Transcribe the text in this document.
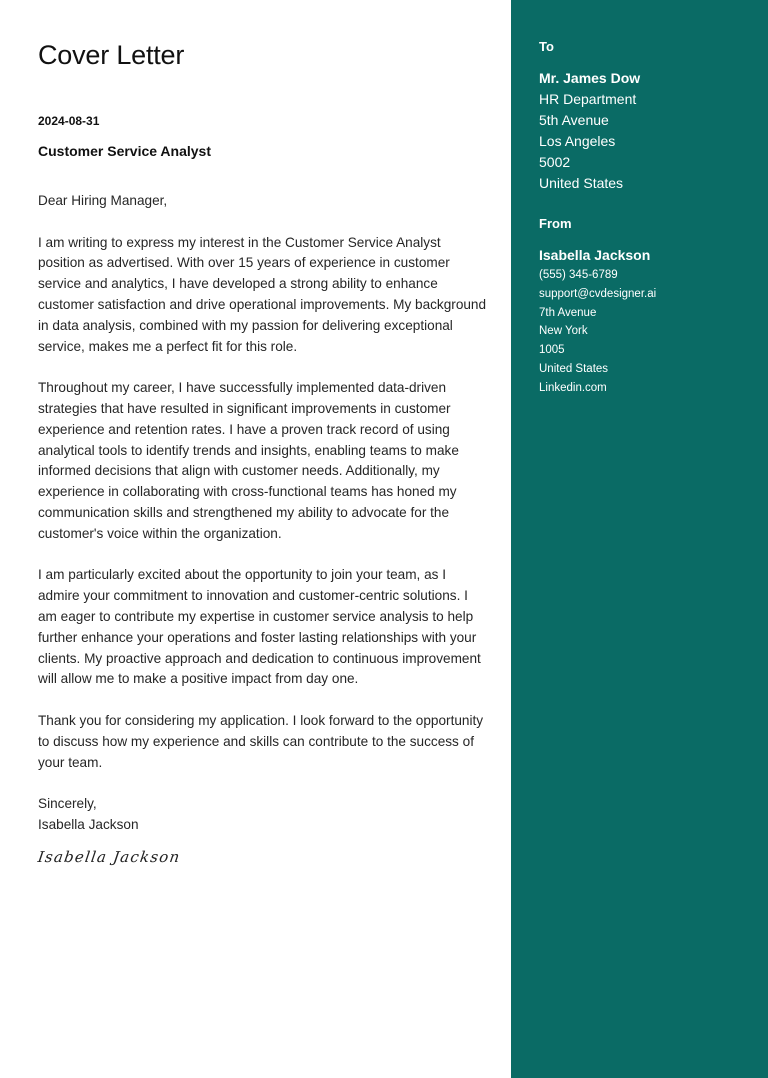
Cover Letter
2024-08-31
Customer Service Analyst

Dear Hiring Manager,

I am writing to express my interest in the Customer Service Analyst position as advertised. With over 15 years of experience in customer service and analytics, I have developed a strong ability to enhance customer satisfaction and drive operational improvements. My background in data analysis, combined with my passion for delivering exceptional service, makes me a perfect fit for this role.

Throughout my career, I have successfully implemented data-driven strategies that have resulted in significant improvements in customer experience and retention rates. I have a proven track record of using analytical tools to identify trends and insights, enabling teams to make informed decisions that align with customer needs. Additionally, my experience in collaborating with cross-functional teams has honed my communication skills and strengthened my ability to advocate for the customer's voice within the organization.

I am particularly excited about the opportunity to join your team, as I admire your commitment to innovation and customer-centric solutions. I am eager to contribute my expertise in customer service analysis to help further enhance your operations and foster lasting relationships with your clients. My proactive approach and dedication to continuous improvement will allow me to make a positive impact from day one.

Thank you for considering my application. I look forward to the opportunity to discuss how my experience and skills can contribute to the success of your team.

Sincerely,
Isabella Jackson
Isabella Jackson
To
Mr. James Dow
HR Department
5th Avenue
Los Angeles
5002
United States
From
Isabella Jackson
(555) 345-6789
support@cvdesigner.ai
7th Avenue
New York
1005
United States
Linkedin.com
